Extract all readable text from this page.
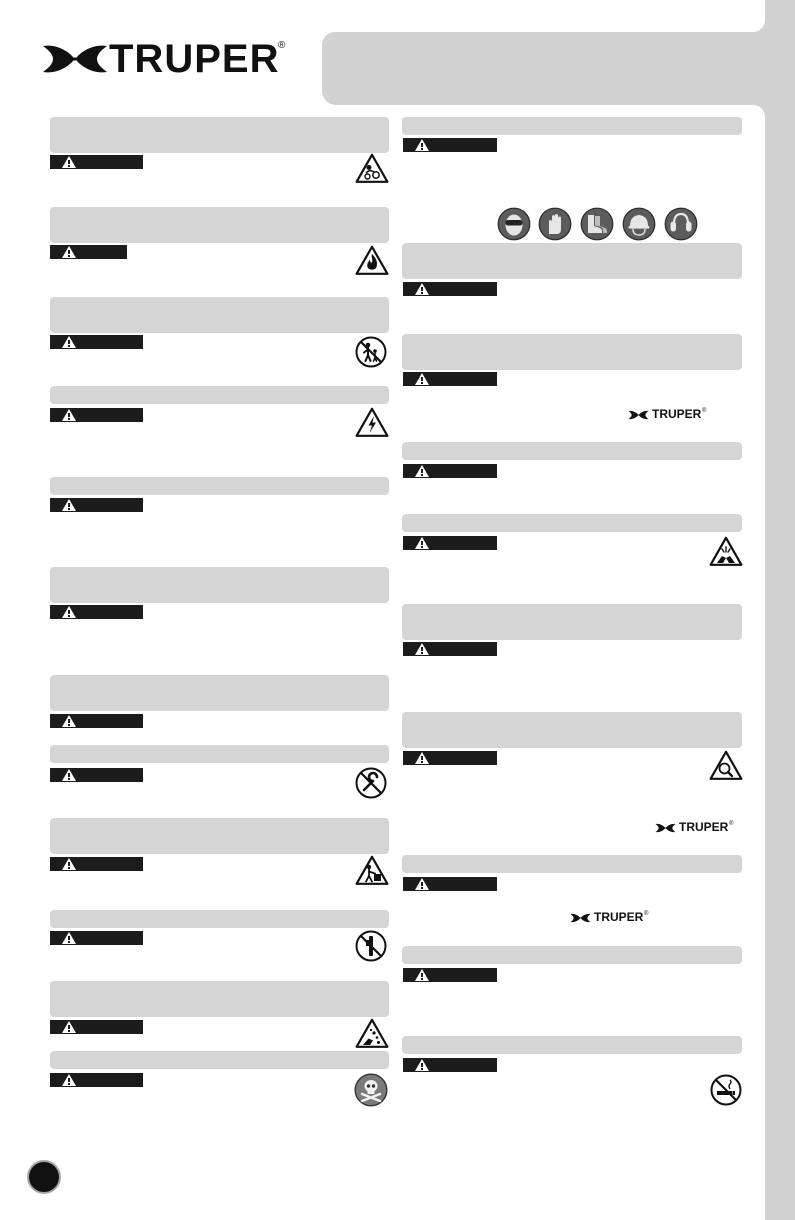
TRUPER
®
TRUPER ®
TRUPER ®
TRUPER ®
